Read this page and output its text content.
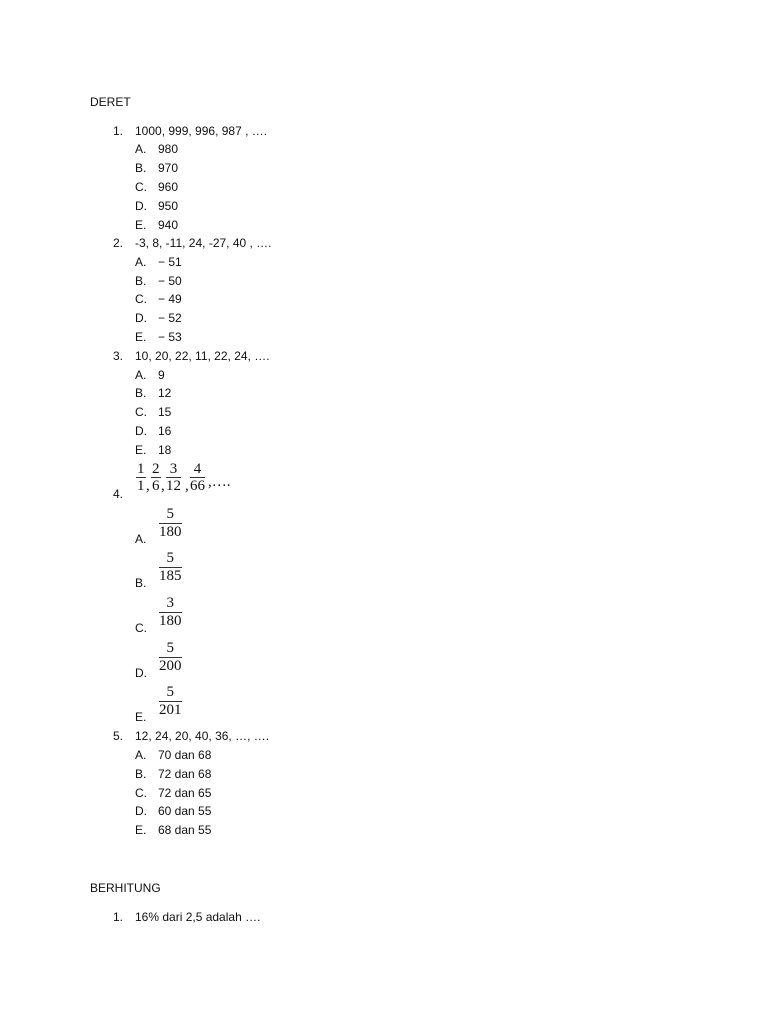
DERET
1. 1000, 999, 996, 987 , ….
A. 980
B. 970
C. 960
D. 950
E. 940
2. -3, 8, -11, 24, -27, 40 , ….
A. − 51
B. − 50
C. − 49
D. − 52
E. − 53
3. 10, 20, 22, 11, 22, 24, ….
A. 9
B. 12
C. 15
D. 16
E. 18
4. $\frac{1}{1}$ , $\frac{2}{6}$ , $\frac{3}{12}$ , $\frac{4}{66}$ ,….
A. $\frac{5}{180}$
B. $\frac{5}{185}$
C. $\frac{3}{180}$
D. $\frac{5}{200}$
E. $\frac{5}{201}$
5. 12, 24, 20, 40, 36, …, ….
A. 70 dan 68
B. 72 dan 68
C. 72 dan 65
D. 60 dan 55
E. 68 dan 55
BERHITUNG
1. 16% dari 2,5 adalah ….
